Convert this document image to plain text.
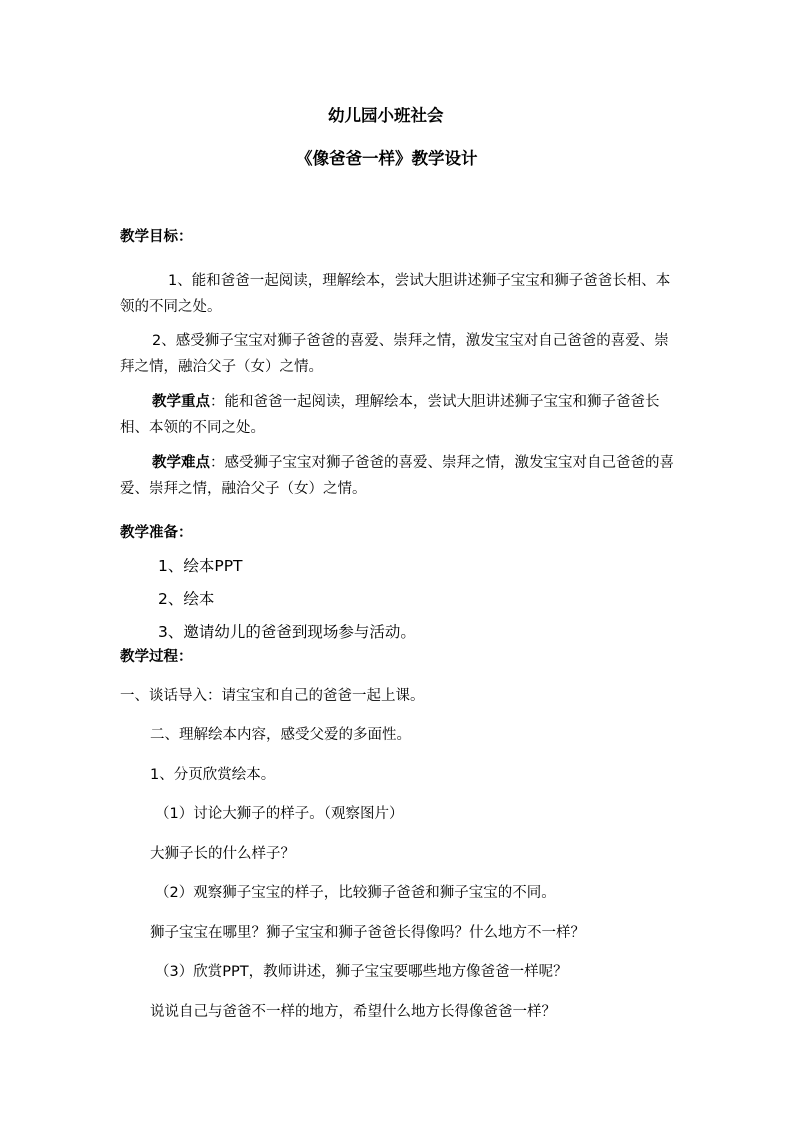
幼儿园小班社会
《像爸爸一样》教学设计
教学目标：
1、能和爸爸一起阅读，理解绘本，尝试大胆讲述狮子宝宝和狮子爸爸长相、本领的不同之处。
2、感受狮子宝宝对狮子爸爸的喜爱、崇拜之情，激发宝宝对自己爸爸的喜爱、崇拜之情，融洽父子（女）之情。
教学重点：能和爸爸一起阅读，理解绘本，尝试大胆讲述狮子宝宝和狮子爸爸长相、本领的不同之处。
教学难点：感受狮子宝宝对狮子爸爸的喜爱、崇拜之情，激发宝宝对自己爸爸的喜爱、崇拜之情，融洽父子（女）之情。
教学准备：
1、绘本PPT
2、绘本
3、邀请幼儿的爸爸到现场参与活动。
教学过程：
一、谈话导入：请宝宝和自己的爸爸一起上课。
二、理解绘本内容，感受父爱的多面性。
1、分页欣赏绘本。
（1）讨论大狮子的样子。（观察图片）
大狮子长的什么样子？
（2）观察狮子宝宝的样子，比较狮子爸爸和狮子宝宝的不同。
狮子宝宝在哪里？狮子宝宝和狮子爸爸长得像吗？什么地方不一样？
（3）欣赏PPT，教师讲述，狮子宝宝要哪些地方像爸爸一样呢？
说说自己与爸爸不一样的地方，希望什么地方长得像爸爸一样？
